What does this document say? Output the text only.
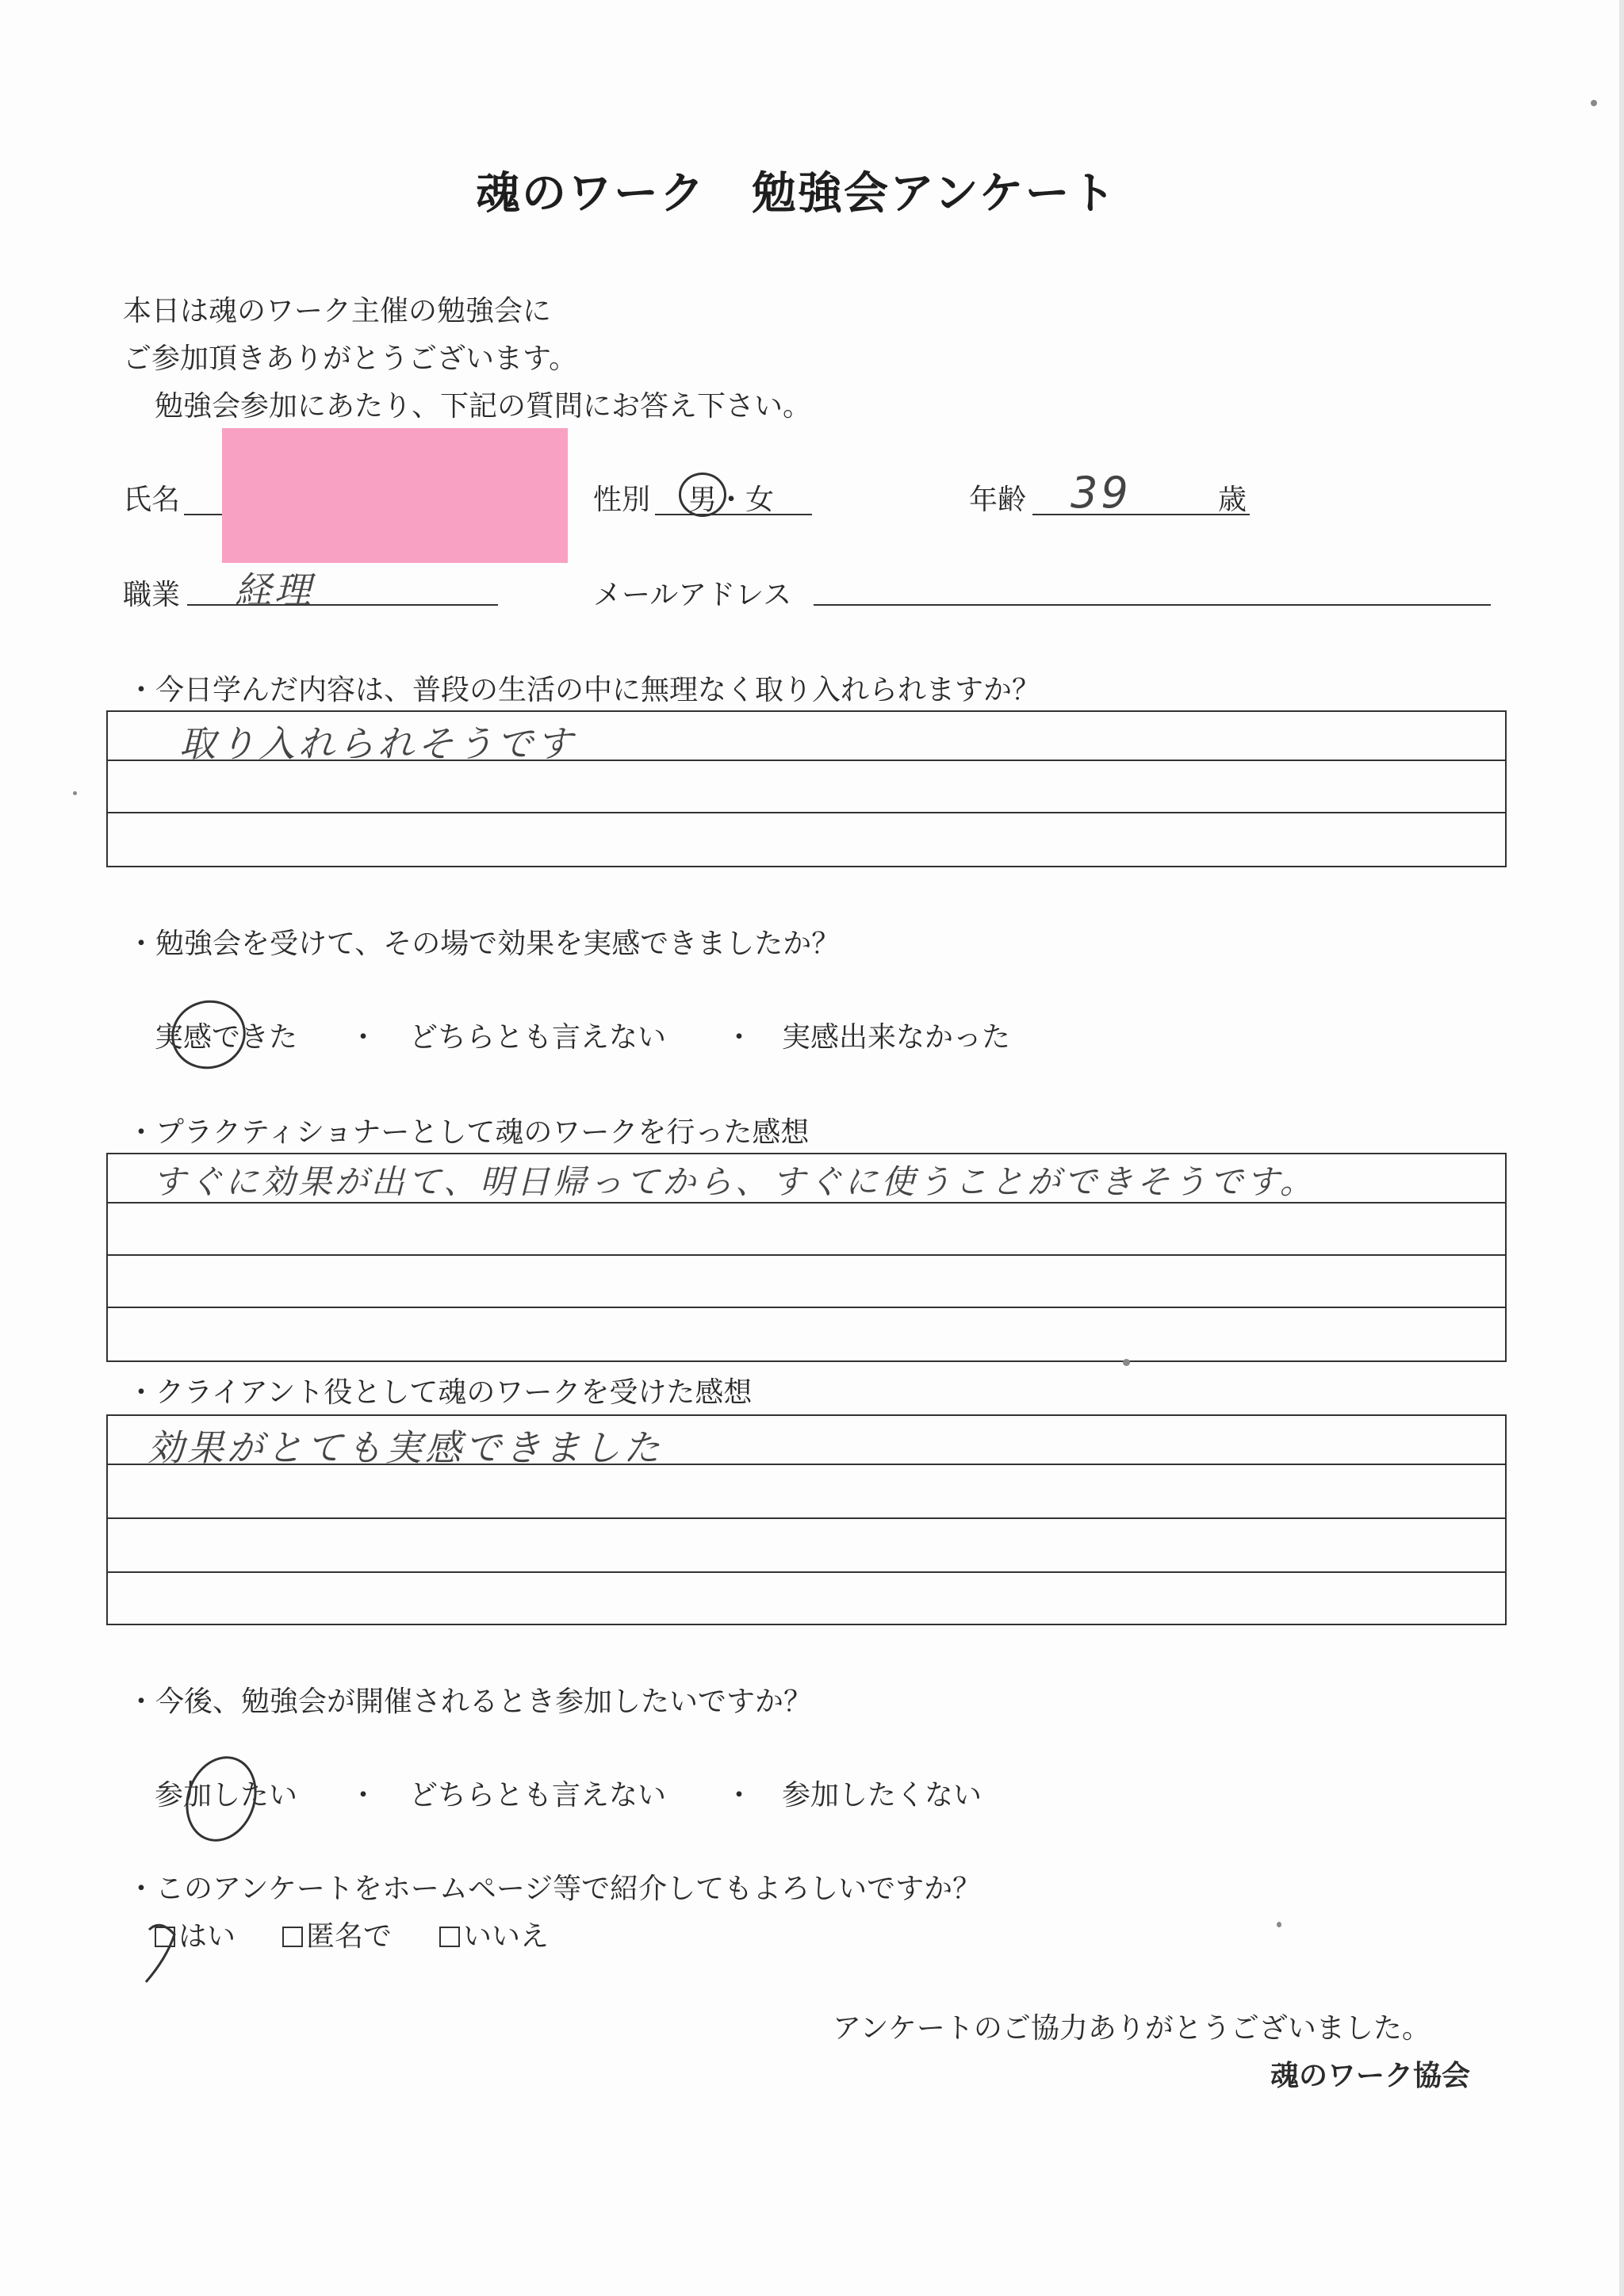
魂のワーク　勉強会アンケート
本日は魂のワーク主催の勉強会に
ご参加頂きありがとうございます。
勉強会参加にあたり、下記の質問にお答え下さい。
氏名	性別 男・女	年齢 39	歳
職業 経理	メールアドレス
・今日学んだ内容は、普段の生活の中に無理なく取り入れられますか？
取り入れられそうです
・勉強会を受けて、その場で効果を実感できましたか？
実感できた ・ どちらとも言えない ・ 実感出来なかった
・プラクティショナーとして魂のワークを行った感想
すぐに効果が出て、明日帰ってから、すぐに使うことができそうです。
・クライアント役として魂のワークを受けた感想
効果がとても実感できました
・今後、勉強会が開催されるとき参加したいですか？
参加したい ・ どちらとも言えない ・ 参加したくない
・このアンケートをホームページ等で紹介してもよろしいですか？
はい	匿名で	いいえ
アンケートのご協力ありがとうございました。
魂のワーク協会
